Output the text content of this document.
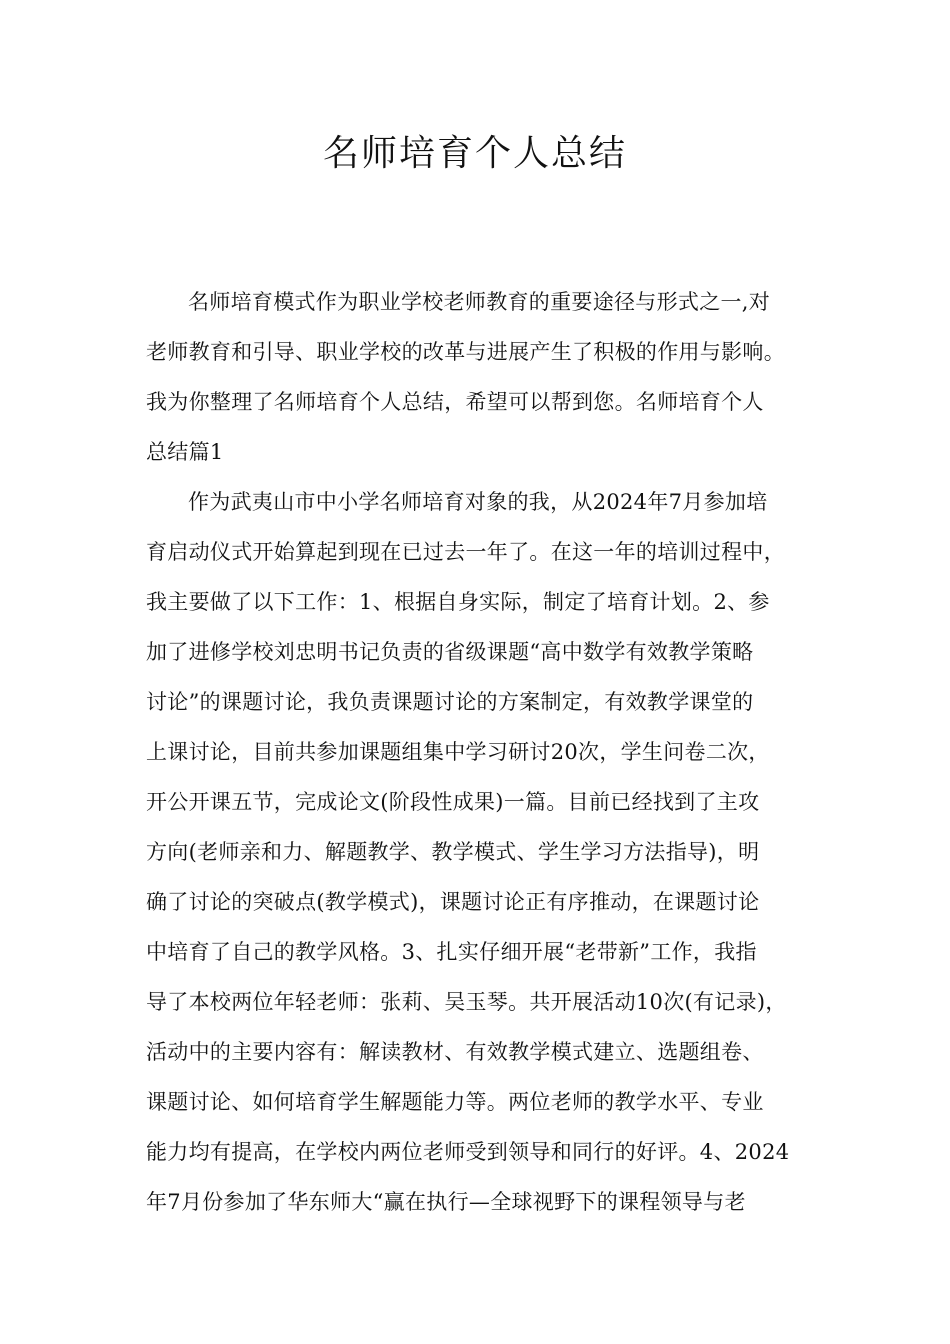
名师培育个人总结
名师培育模式作为职业学校老师教育的重要途径与形式之一,对
老师教育和引导、职业学校的改革与进展产生了积极的作用与影响。
我为你整理了名师培育个人总结，希望可以帮到您。名师培育个人
总结篇1
作为武夷山市中小学名师培育对象的我，从2024年7月参加培
育启动仪式开始算起到现在已过去一年了。在这一年的培训过程中，
我主要做了以下工作：1、根据自身实际，制定了培育计划。2、参
加了进修学校刘忠明书记负责的省级课题“高中数学有效教学策略
讨论”的课题讨论，我负责课题讨论的方案制定，有效教学课堂的
上课讨论，目前共参加课题组集中学习研讨20次，学生问卷二次，
开公开课五节，完成论文(阶段性成果)一篇。目前已经找到了主攻
方向(老师亲和力、解题教学、教学模式、学生学习方法指导)，明
确了讨论的突破点(教学模式)，课题讨论正有序推动，在课题讨论
中培育了自己的教学风格。3、扎实仔细开展“老带新”工作，我指
导了本校两位年轻老师：张莉、吴玉琴。共开展活动10次(有记录)，
活动中的主要内容有：解读教材、有效教学模式建立、选题组卷、
课题讨论、如何培育学生解题能力等。两位老师的教学水平、专业
能力均有提高，在学校内两位老师受到领导和同行的好评。4、2024
年7月份参加了华东师大“赢在执行—全球视野下的课程领导与老
